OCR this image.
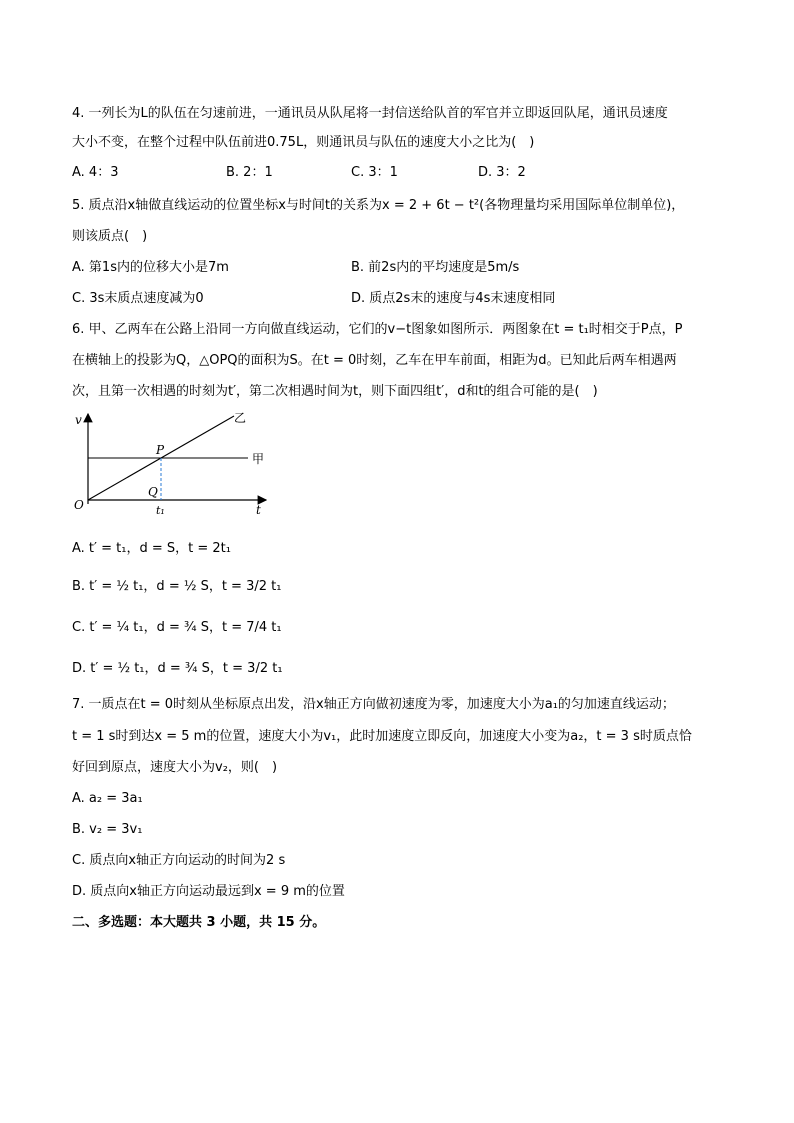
4. 一列长为L的队伍在匀速前进，一通讯员从队尾将一封信送给队首的军官并立即返回队尾，通讯员速度
大小不变，在整个过程中队伍前进0.75L，则通讯员与队伍的速度大小之比为(　)
A. 4：3	B. 2：1	C. 3：1	D. 3：2
5. 质点沿x轴做直线运动的位置坐标x与时间t的关系为x = 2 + 6t − t²(各物理量均采用国际单位制单位)，
则该质点(　)
A. 第1s内的位移大小是7m	B. 前2s内的平均速度是5m/s
C. 3s末质点速度减为0	D. 质点2s末的速度与4s末速度相同
6. 甲、乙两车在公路上沿同一方向做直线运动，它们的v−t图象如图所示．两图象在t = t₁时相交于P点，P
在横轴上的投影为Q，△OPQ的面积为S。在t = 0时刻，乙车在甲车前面，相距为d。已知此后两车相遇两
次，且第一次相遇的时刻为t′，第二次相遇时间为t，则下面四组t′，d和t的组合可能的是(　)
v
t
O
P
Q
t₁
甲
乙
A. t′ = t₁，d = S，t = 2t₁
B. t′ = ½ t₁，d = ½ S，t = 3/2 t₁
C. t′ = ¼ t₁，d = ¾ S，t = 7/4 t₁
D. t′ = ½ t₁，d = ¾ S，t = 3/2 t₁
7. 一质点在t = 0时刻从坐标原点出发，沿x轴正方向做初速度为零，加速度大小为a₁的匀加速直线运动；
t = 1 s时到达x = 5 m的位置，速度大小为v₁，此时加速度立即反向，加速度大小变为a₂，t = 3 s时质点恰
好回到原点，速度大小为v₂，则(　)
A. a₂ = 3a₁
B. v₂ = 3v₁
C. 质点向x轴正方向运动的时间为2 s
D. 质点向x轴正方向运动最远到x = 9 m的位置
二、多选题：本大题共 3 小题，共 15 分。
